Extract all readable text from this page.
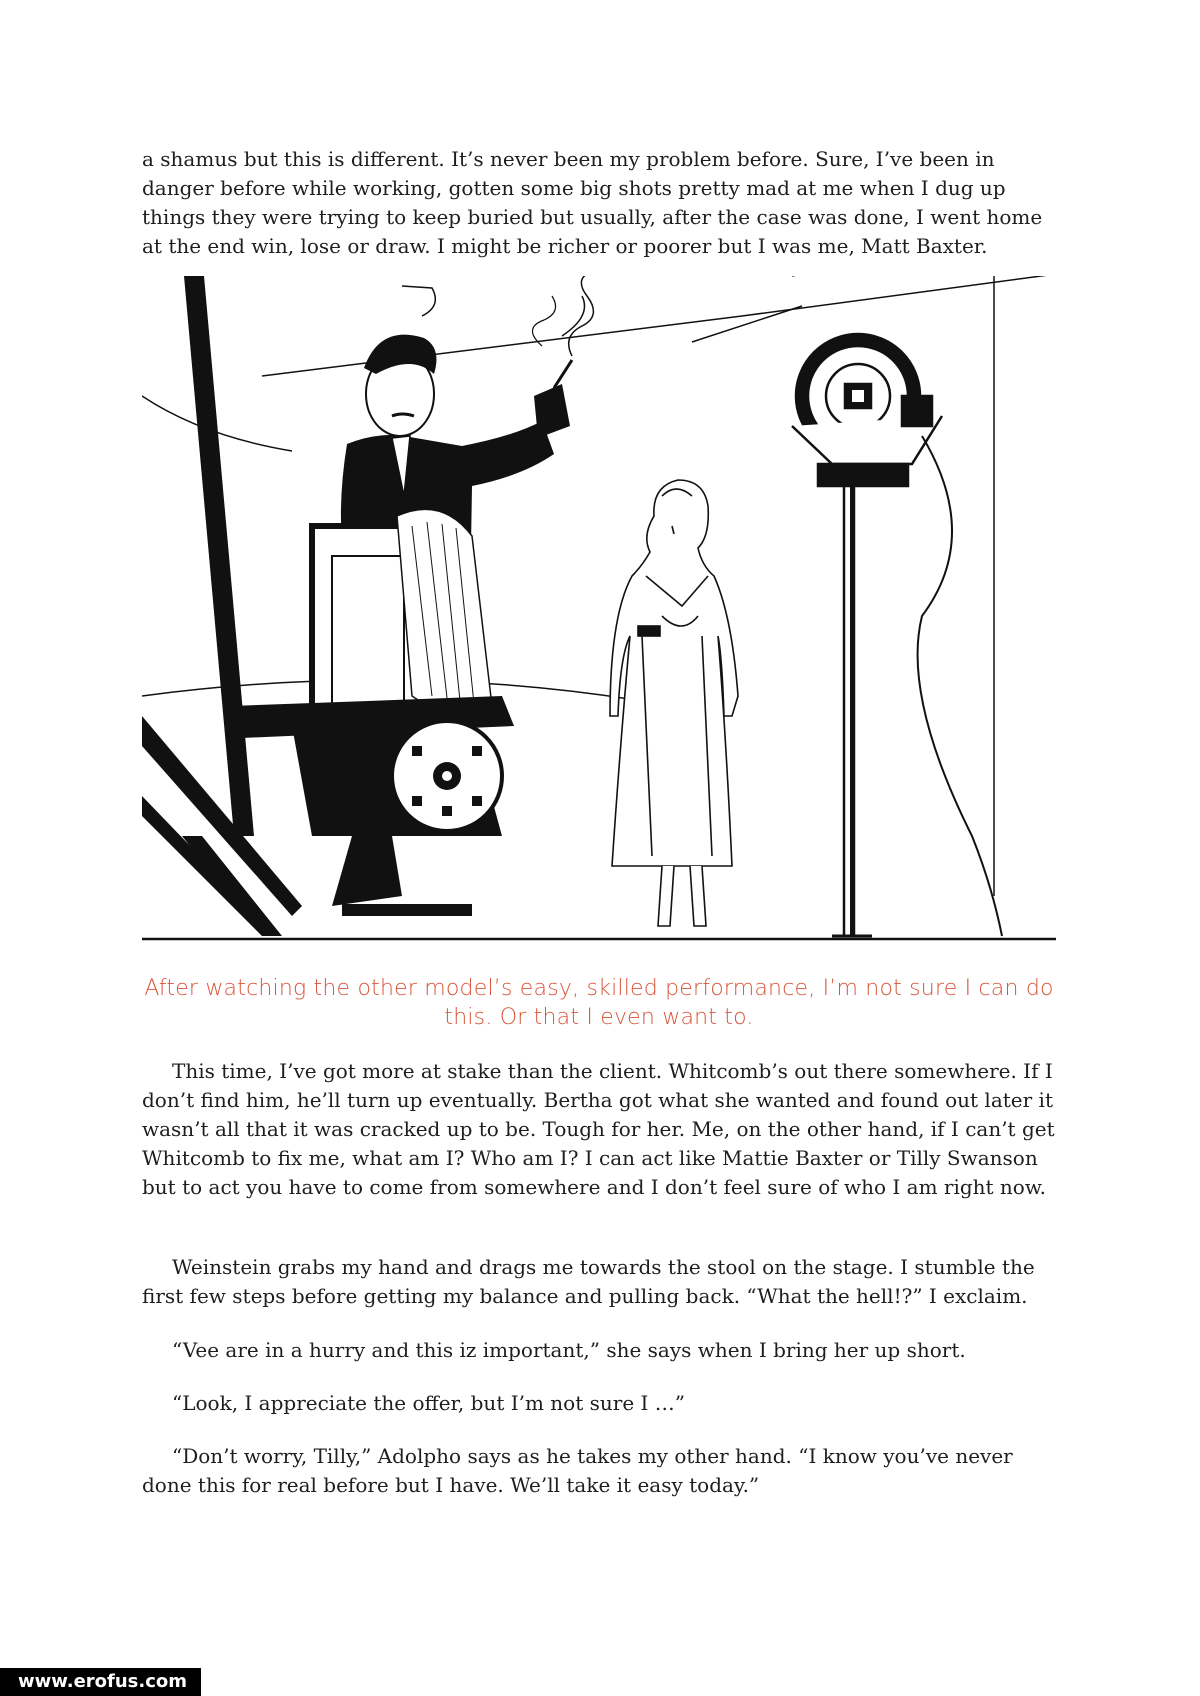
a shamus but this is different. It’s never been my problem before. Sure, I’ve been in danger before while working, gotten some big shots pretty mad at me when I dug up things they were trying to keep buried but usually, after the case was done, I went home at the end win, lose or draw. I might be richer or poorer but I was me, Matt Baxter.

After watching the other model’s easy, skilled performance, I’m not sure I can do this. Or that I even want to.

This time, I’ve got more at stake than the client. Whitcomb’s out there somewhere. If I don’t find him, he’ll turn up eventually. Bertha got what she wanted and found out later it wasn’t all that it was cracked up to be. Tough for her. Me, on the other hand, if I can’t get Whitcomb to fix me, what am I? Who am I? I can act like Mattie Baxter or Tilly Swanson but to act you have to come from somewhere and I don’t feel sure of who I am right now.

Weinstein grabs my hand and drags me towards the stool on the stage. I stumble the first few steps before getting my balance and pulling back. “What the hell!?” I exclaim.

“Vee are in a hurry and this iz important,” she says when I bring her up short.

“Look, I appreciate the offer, but I’m not sure I …”

“Don’t worry, Tilly,” Adolpho says as he takes my other hand. “I know you’ve never done this for real before but I have. We’ll take it easy today.”

www.erofus.com
